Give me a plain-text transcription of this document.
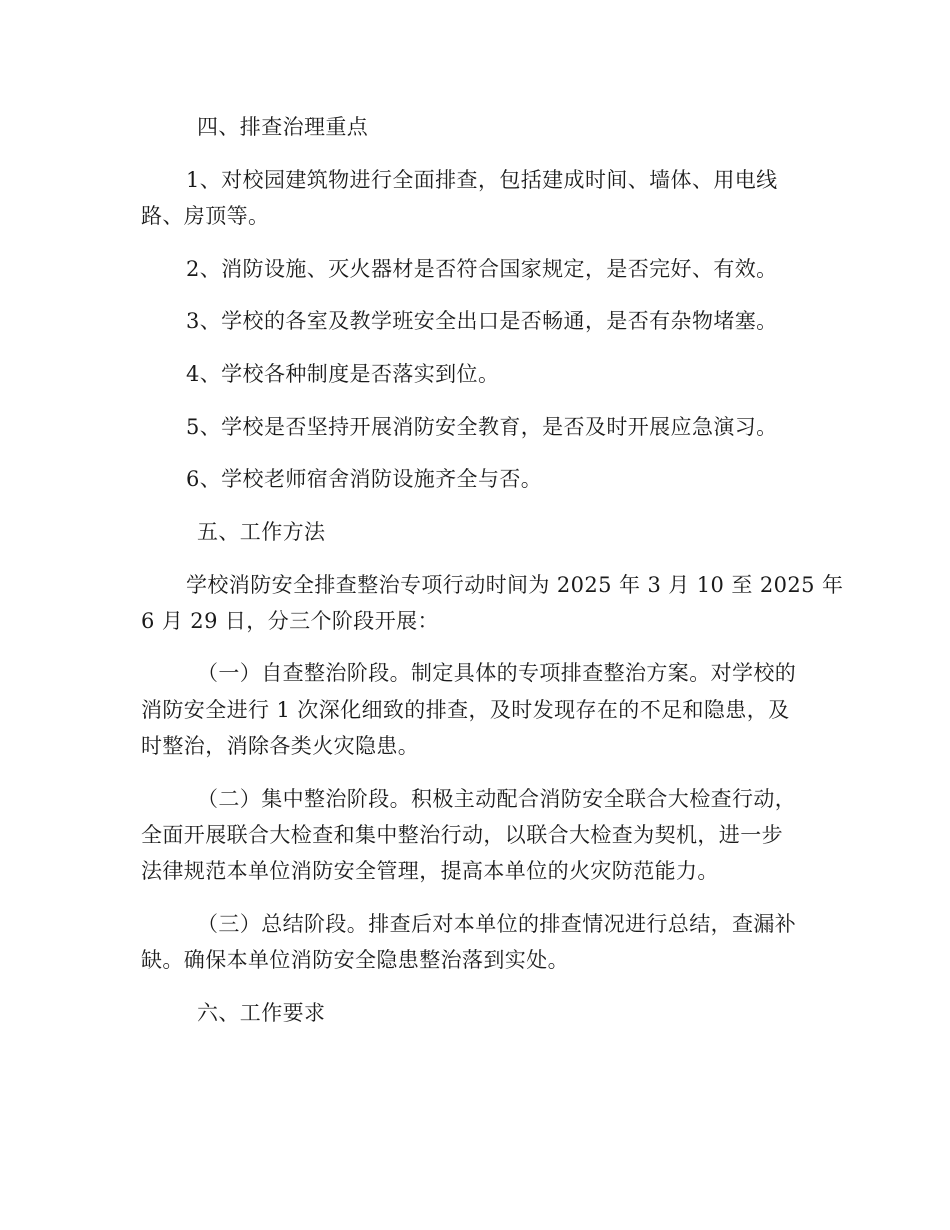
四、排查治理重点
1、对校园建筑物进行全面排查，包括建成时间、墙体、用电线
路、房顶等。
2、消防设施、灭火器材是否符合国家规定，是否完好、有效。
3、学校的各室及教学班安全出口是否畅通，是否有杂物堵塞。
4、学校各种制度是否落实到位。
5、学校是否坚持开展消防安全教育，是否及时开展应急演习。
6、学校老师宿舍消防设施齐全与否。
五、工作方法
学校消防安全排查整治专项行动时间为 2025 年 3 月 10 至 2025 年
6 月 29 日，分三个阶段开展：
（一）自查整治阶段。制定具体的专项排查整治方案。对学校的
消防安全进行 1 次深化细致的排查，及时发现存在的不足和隐患，及
时整治，消除各类火灾隐患。
（二）集中整治阶段。积极主动配合消防安全联合大检查行动，
全面开展联合大检查和集中整治行动，以联合大检查为契机，进一步
法律规范本单位消防安全管理，提高本单位的火灾防范能力。
（三）总结阶段。排查后对本单位的排查情况进行总结，查漏补
缺。确保本单位消防安全隐患整治落到实处。
六、工作要求
